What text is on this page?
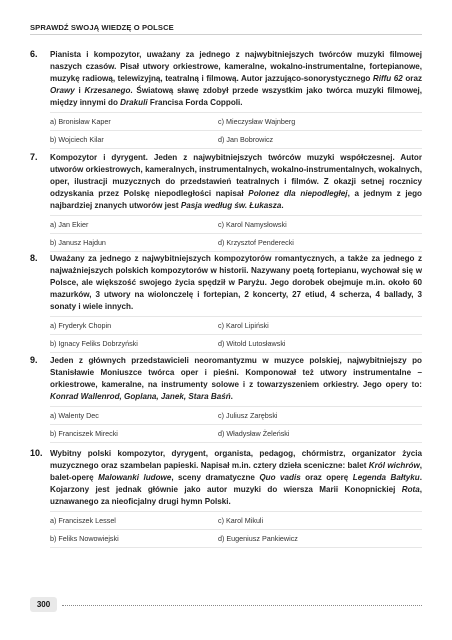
SPRAWDŹ SWOJĄ WIEDZĘ O POLSCE
6. Pianista i kompozytor, uważany za jednego z najwybitniejszych twórców muzyki filmowej naszych czasów. Pisał utwory orkiestrowe, kameralne, wokalno-instrumentalne, fortepianowe, muzykę radiową, telewizyjną, teatralną i filmową. Autor jazzująco-sonorystycznego Riffu 62 oraz Orawy i Krzesanego. Światową sławę zdobył przede wszystkim jako twórca muzyki filmowej, między innymi do Drakuli Francisa Forda Coppoli.
a) Bronisław Kaper	c) Mieczysław Wajnberg
b) Wojciech Kilar	d) Jan Bobrowicz
7. Kompozytor i dyrygent. Jeden z najwybitniejszych twórców muzyki współczesnej. Autor utworów orkiestrowych, kameralnych, instrumentalnych, wokalno-instrumentalnych, wokalnych, oper, ilustracji muzycznych do przedstawień teatralnych i filmów. Z okazji setnej rocznicy odzyskania przez Polskę niepodległości napisał Polonez dla niepodległej, a jednym z jego najbardziej znanych utworów jest Pasja według św. Łukasza.
a) Jan Ekier	c) Karol Namysłowski
b) Janusz Hajdun	d) Krzysztof Penderecki
8. Uważany za jednego z najwybitniejszych kompozytorów romantycznych, a także za jednego z najważniejszych polskich kompozytorów w historii. Nazywany poetą fortepianu, wychował się w Polsce, ale większość swojego życia spędził w Paryżu. Jego dorobek obejmuje m.in. około 60 mazurków, 3 utwory na wiolonczelę i fortepian, 2 koncerty, 27 etiud, 4 scherza, 4 ballady, 3 sonaty i wiele innych.
a) Fryderyk Chopin	c) Karol Lipiński
b) Ignacy Feliks Dobrzyński	d) Witold Lutosławski
9. Jeden z głównych przedstawicieli neoromantyzmu w muzyce polskiej, najwybitniejszy po Stanisławie Moniuszce twórca oper i pieśni. Komponował też utwory instrumentalne – orkiestrowe, kameralne, na instrumenty solowe i z towarzyszeniem orkiestry. Jego opery to: Konrad Wallenrod, Goplana, Janek, Stara Baśń.
a) Walenty Dec	c) Juliusz Zarębski
b) Franciszek Mirecki	d) Władysław Żeleński
10. Wybitny polski kompozytor, dyrygent, organista, pedagog, chórmistrz, organizator życia muzycznego oraz szambelan papieski. Napisał m.in. cztery dzieła sceniczne: balet Król wichrów, balet-operę Malowanki ludowe, sceny dramatyczne Quo vadis oraz operę Legenda Bałtyku. Kojarzony jest jednak głównie jako autor muzyki do wiersza Marii Konopnickiej Rota, uznawanego za nieoficjalny drugi hymn Polski.
a) Franciszek Lessel	c) Karol Mikuli
b) Feliks Nowowiejski	d) Eugeniusz Pankiewicz
300
